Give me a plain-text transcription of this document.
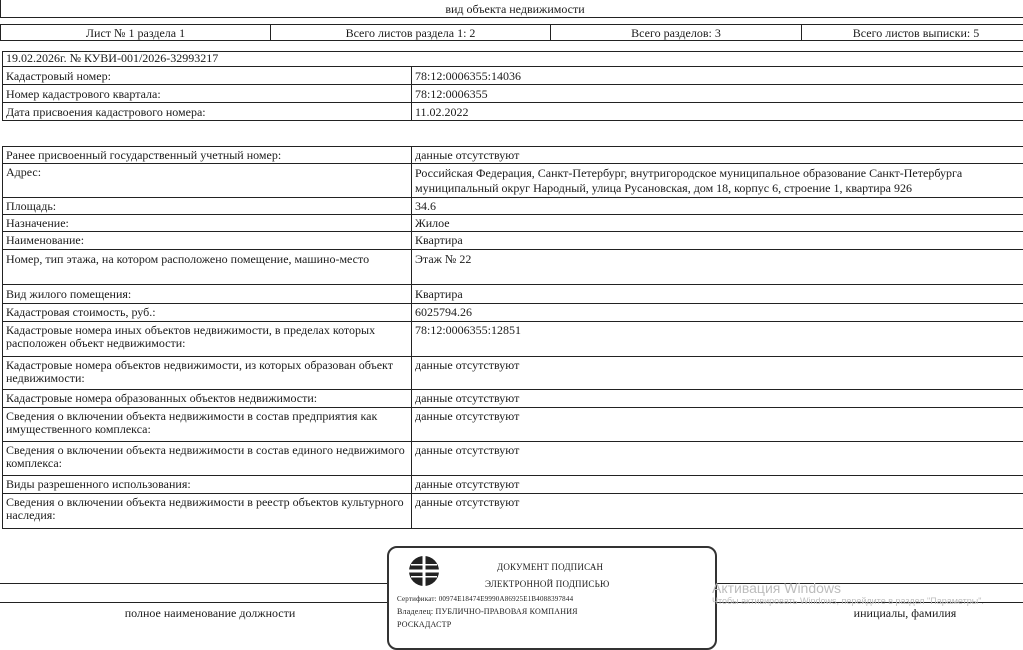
вид объекта недвижимости
Лист № 1 раздела 1	Всего листов раздела 1: 2	Всего разделов: 3	Всего листов выписки: 5
19.02.2026г. № КУВИ-001/2026-32993217
Кадастровый номер:	78:12:0006355:14036
Номер кадастрового квартала:	78:12:0006355
Дата присвоения кадастрового номера:	11.02.2022
Ранее присвоенный государственный учетный номер:	данные отсутствуют
Адрес:	Российская Федерация, Санкт-Петербург, внутригородское муниципальное образование Санкт-Петербурга муниципальный округ Народный, улица Русановская, дом 18, корпус 6, строение 1, квартира 926
Площадь:	34.6
Назначение:	Жилое
Наименование:	Квартира
Номер, тип этажа, на котором расположено помещение, машино-место	Этаж № 22
Вид жилого помещения:	Квартира
Кадастровая стоимость, руб.:	6025794.26
Кадастровые номера иных объектов недвижимости, в пределах которых расположен объект недвижимости:
78:12:0006355:12851
Кадастровые номера объектов недвижимости, из которых образован объект недвижимости:
данные отсутствуют
Кадастровые номера образованных объектов недвижимости:	данные отсутствуют
Сведения о включении объекта недвижимости в состав предприятия как имущественного комплекса:
данные отсутствуют
Сведения о включении объекта недвижимости в состав единого недвижимого комплекса:
данные отсутствуют
Виды разрешенного использования:	данные отсутствуют
Сведения о включении объекта недвижимости в реестр объектов культурного наследия:
данные отсутствуют
полное наименование должности	инициалы, фамилия
ДОКУМЕНТ ПОДПИСАН
ЭЛЕКТРОННОЙ ПОДПИСЬЮ
Сертификат: 00974E18474E9990A86925E1B4088397844
Владелец: ПУБЛИЧНО-ПРАВОВАЯ КОМПАНИЯ
РОСКАДАСТР
Активация Windows
Чтобы активировать Windows, перейдите в раздел "Параметры".
